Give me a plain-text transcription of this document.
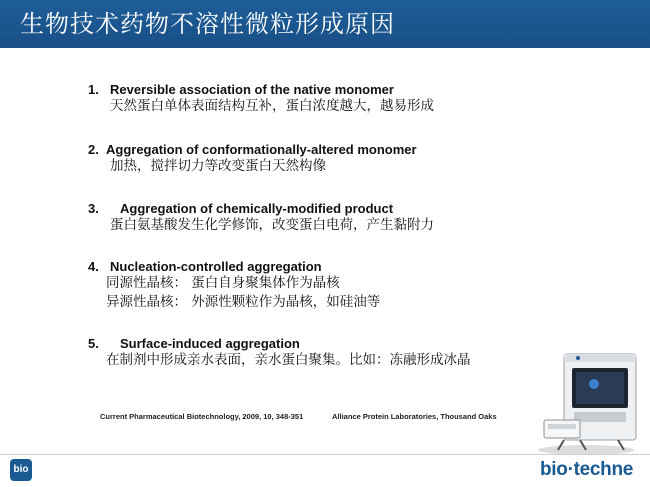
生物技术药物不溶性微粒形成原因
1. Reversible association of the native monomer
天然蛋白单体表面结构互补，蛋白浓度越大，越易形成
2. Aggregation of conformationally-altered monomer
加热，搅拌切力等改变蛋白天然构像
3. Aggregation of chemically-modified product
蛋白氨基酸发生化学修饰，改变蛋白电荷，产生黏附力
4. Nucleation-controlled aggregation
同源性晶核： 蛋白自身聚集体作为晶核
异源性晶核： 外源性颗粒作为晶核，如硅油等
5. Surface-induced aggregation
在制剂中形成亲水表面，亲水蛋白聚集。比如：冻融形成冰晶
Current Pharmaceutical Biotechnology, 2009, 10, 348-351	Alliance Protein Laboratories, Thousand Oaks
bio	bio·techne
